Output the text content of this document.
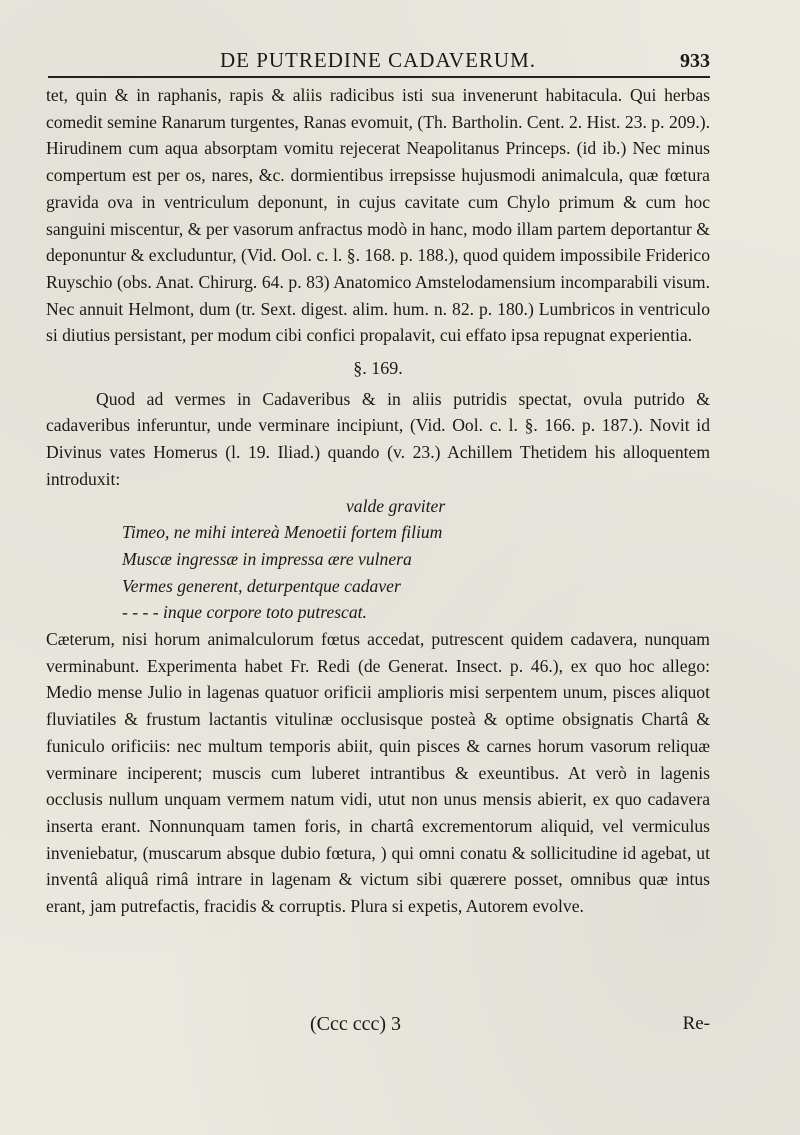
DE PUTREDINE CADAVERUM.	933

tet, quin & in raphanis, rapis & aliis radicibus isti sua invenerunt habitacula. Qui herbas comedit semine Ranarum turgentes, Ranas evomuit, (Th. Bartholin. Cent. 2. Hist. 23. p. 209.). Hirudinem cum aqua absorptam vomitu rejecerat Neapolitanus Princeps. (id ib.) Nec minus compertum est per os, nares, &c. dormientibus irrepsisse hujusmodi animalcula, quæ fœtura gravida ova in ventriculum deponunt, in cujus cavitate cum Chylo primum & cum hoc sanguini miscentur, & per vasorum anfractus modò in hanc, modo illam partem deportantur & deponuntur & excluduntur, (Vid. Ool. c. l. §. 168. p. 188.), quod quidem impossibile Friderico Ruyschio (obs. Anat. Chirurg. 64. p. 83) Anatomico Amstelodamensium incomparabili visum. Nec annuit Helmont, dum (tr. Sext. digest. alim. hum. n. 82. p. 180.) Lumbricos in ventriculo si diutius persistant, per modum cibi confici propalavit, cui effato ipsa repugnat experientia.

§. 169.

Quod ad vermes in Cadaveribus & in aliis putridis spectat, ovula putrido & cadaveribus inferuntur, unde verminare incipiunt, (Vid. Ool. c. l. §. 166. p. 187.). Novit id Divinus vates Homerus (l. 19. Iliad.) quando (v. 23.) Achillem Thetidem his alloquentem introduxit:

valde graviter
Timeo, ne mihi intereà Menoetii fortem filium
Muscæ ingressæ in impressa ære vulnera
Vermes generent, deturpentque cadaver
- - - - inque corpore toto putrescat.

Cæterum, nisi horum animalculorum fœtus accedat, putrescent quidem cadavera, nunquam verminabunt. Experimenta habet Fr. Redi (de Generat. Insect. p. 46.), ex quo hoc allego: Medio mense Julio in lagenas quatuor orificii amplioris misi serpentem unum, pisces aliquot fluviatiles & frustum lactantis vitulinæ occlusisque posteà & optime obsignatis Chartâ & funiculo orificiis: nec multum temporis abiit, quin pisces & carnes horum vasorum reliquæ verminare inciperent; muscis cum luberet intrantibus & exeuntibus. At verò in lagenis occlusis nullum unquam vermem natum vidi, utut non unus mensis abierit, ex quo cadavera inserta erant. Nonnunquam tamen foris, in chartâ excrementorum aliquid, vel vermiculus inveniebatur, (muscarum absque dubio fœtura, ) qui omni conatu & sollicitudine id agebat, ut inventâ aliquâ rimâ intrare in lagenam & victum sibi quærere posset, omnibus quæ intus erant, jam putrefactis, fracidis & corruptis. Plura si expetis, Autorem evolve.

(Ccc ccc) 3	Re-
